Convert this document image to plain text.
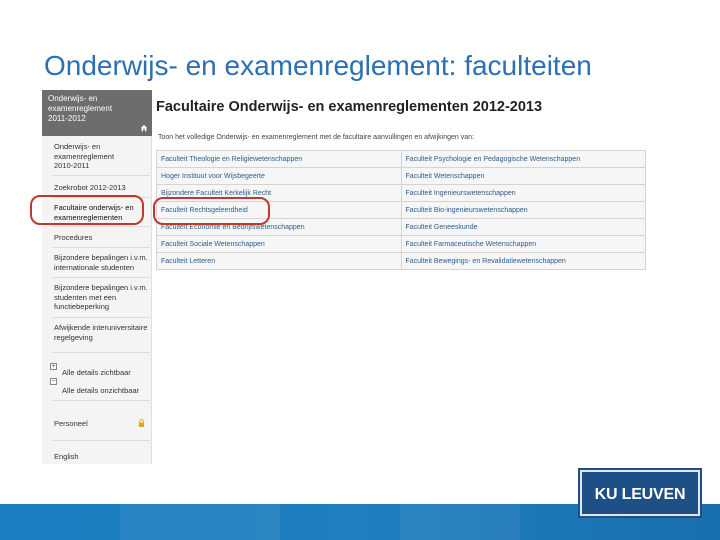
Onderwijs- en examenreglement: faculteiten
Onderwijs- en
examenreglement
2011-2012
Onderwijs- en
examenreglement
2010-2011
Zoekrobot 2012-2013
Facultaire onderwijs- en
examenreglementen
Procedures
Bijzondere bepalingen i.v.m.
internationale studenten
Bijzondere bepalingen i.v.m.
studenten met een
functiebeperking
Afwijkende interuniversitaire
regelgeving
+
Alle details zichtbaar
−
Alle details onzichtbaar
Personeel
English
Facultaire Onderwijs- en examenreglementen 2012-2013
Toon het volledige Onderwijs- en examenreglement met de facultaire aanvullingen en afwijkingen van:
Faculteit Theologie en Religiewetenschappen	Faculteit Psychologie en Pedagogische Wetenschappen
Hoger Instituut voor Wijsbegeerte	Faculteit Wetenschappen
Bijzondere Faculteit Kerkelijk Recht	Faculteit Ingenieurswetenschappen
Faculteit Rechtsgeleerdheid	Faculteit Bio-ingenieurswetenschappen
Faculteit Economie en Bedrijfswetenschappen	Faculteit Geneeskunde
Faculteit Sociale Wetenschappen	Faculteit Farmaceutische Wetenschappen
Faculteit Letteren	Faculteit Bewegings- en Revalidatiewetenschappen
KU LEUVEN
